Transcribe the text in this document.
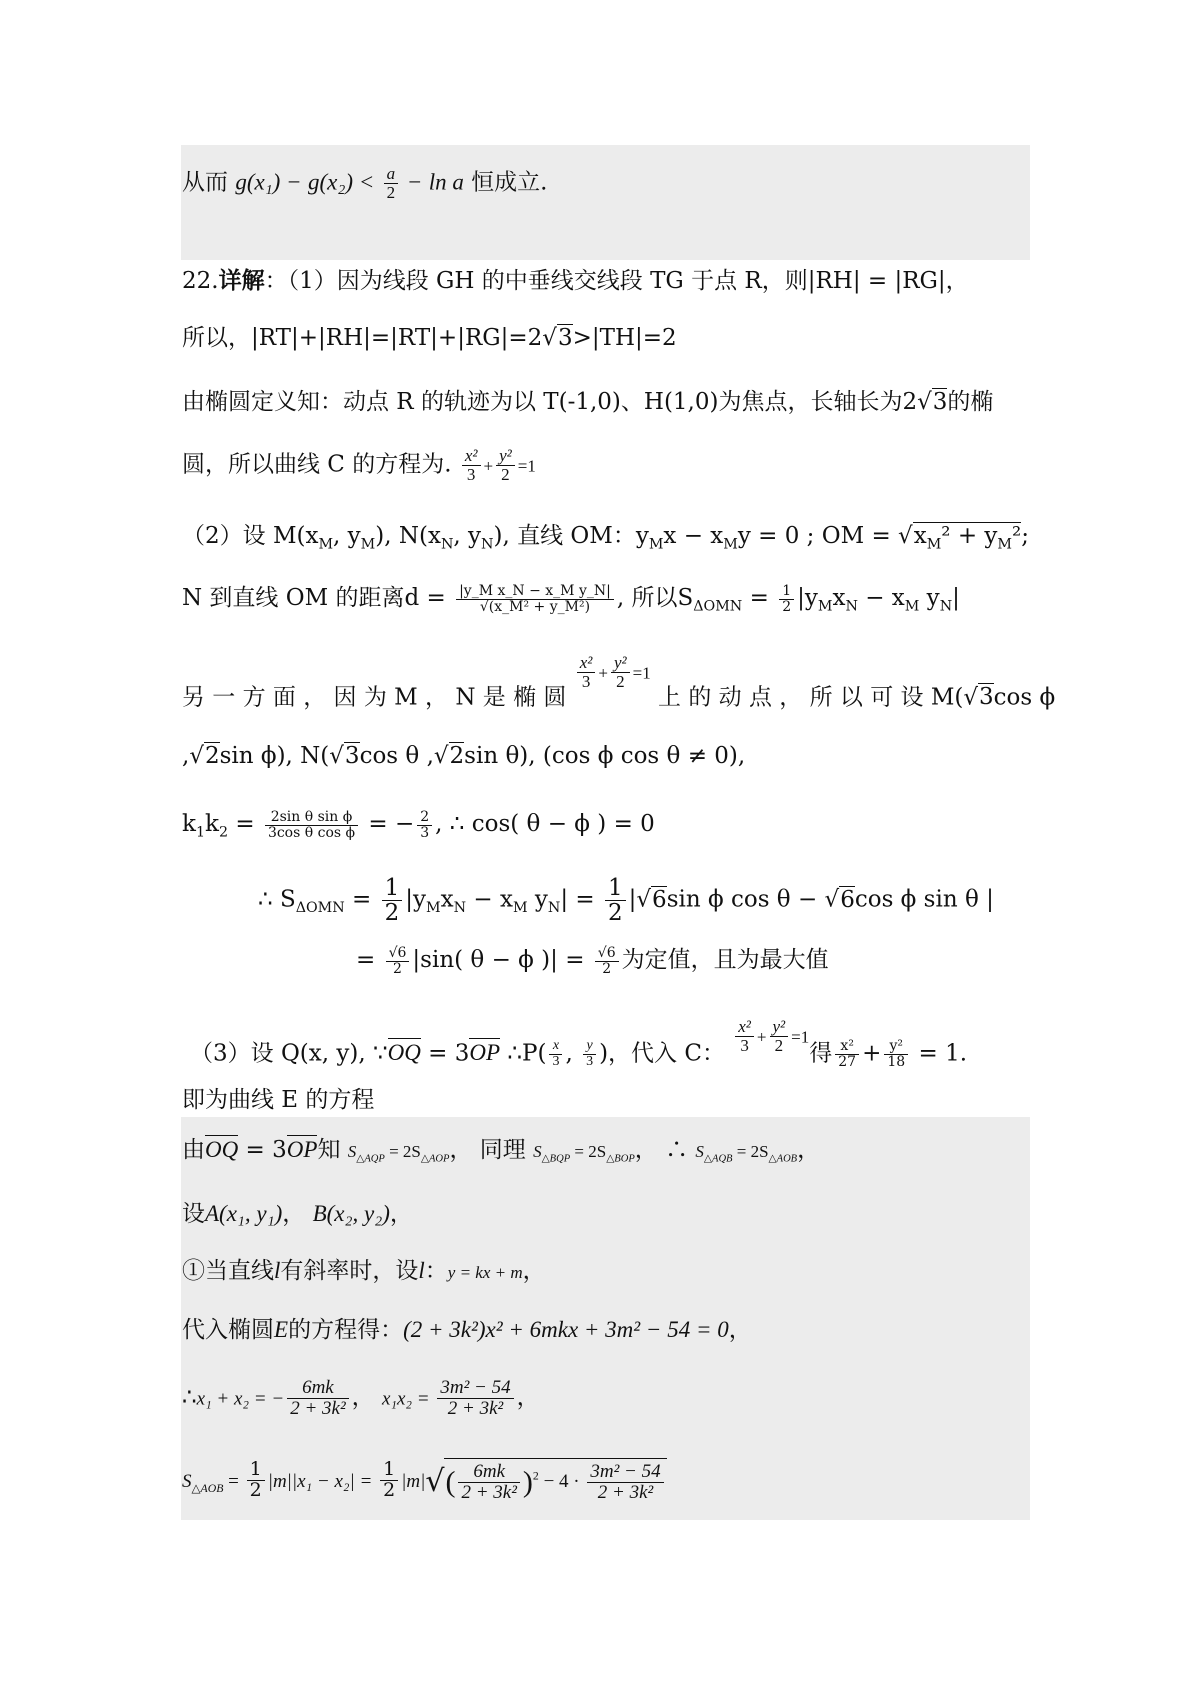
从而 $g(x_1) - g(x_2) < \frac{a}{2} - \ln a$ 恒成立.
22.详解：（1）因为线段 GH 的中垂线交线段 TG 于点 R，则|RH| = |RG|，
所以，|RT|+|RH|=|RT|+|RG|=2√3>|TH|=2
由椭圆定义知：动点 R 的轨迹为以 T(-1,0)、H(1,0)为焦点，长轴长为2√3的椭
圆，所以曲线 C 的方程为. $\frac{\text{x²}}{3} + \frac{\text{y²}}{2} =1$
（2）设 $M(x_M$, $y_M$), $N(x_N$, $y_N$), 直线 OM：$y_Mx - x_My = 0$ ; OM = $√x_M^2 + y_M^2$;
N 到直线 OM 的距离$d = \frac{\text{|y\_M x\_N − x\_M y\_N|}}{\text{√(x\_M² + y\_M²)}}$ , 所以$S_{\Delta OMN} = \frac{1}{2} |y_Mx_N - x_M$ $y_N|$
另 一 方 面 ， 因 为 M ， N 是 椭 圆
$\frac{\text{x²}}{3} + \frac{\text{y²}}{2} =1$ 上 的 动 点 ， 所 以 可 设 M(√3cos ϕ
,√2sin ϕ), N(√3cos θ ,√2sin θ), (cos ϕ cos θ ≠ 0),
$k_1k_2 = \frac{\text{2sin θ sin ϕ}}{\text{3cos θ cos ϕ}}$ = − $\frac{2}{3}$ , ∴ cos( θ − ϕ ) = 0
∴ $S_{\Delta OMN} = \frac{1}{2} |y_Mx_N - x_M$ $y_N| = \frac{1}{2} |√6\sin$ ϕ cos θ − √6cos ϕ sin θ |
= $\frac{√6}{2} |\sin$( θ − ϕ )| = $\frac{√6}{2}$ 为定值，且为最大值
（3）设 Q(x, y), ∵OQ = 3OP ∴P( $\frac{x}{3}$ , $\frac{y}{3}$ )，代入 C： $\frac{\text{x²}}{3} + \frac{\text{y²}}{2} =1$得 $\frac{\text{x²}}{27} + \frac{\text{y²}}{18} = 1$.
即为曲线 E 的方程
由OQ = 3OP知 $S_{\triangle AQP} = 2S_{\triangle AOP}$， 同理 $S_{\triangle BQP} = 2S_{\triangle BOP}$， ∴ $S_{\triangle AQB} = 2S_{\triangle AOB}$，
设A(x₁, y₁)， B(x₂, y₂)，
①当直线l有斜率时，设l：y = kx + m，
代入椭圆E的方程得：(2 + 3k²)x² + 6mkx + 3m² − 54 = 0，
∴x₁ + x₂ = − $\frac{6mk}{\text{2 + 3k²}}$ ， $x_1x_2 = \frac{\text{3m² − 54}}{\text{2 + 3k²}}$ ，
$S_{\triangle AOB} = \frac{1}{2} |m||x_1 - x_2| = \frac{1}{2} |m|√( \frac{6mk}{\text{2 + 3k²}} )^2 - 4 \cdot \frac{\text{3m² − 54}}{\text{2 + 3k²}}$
